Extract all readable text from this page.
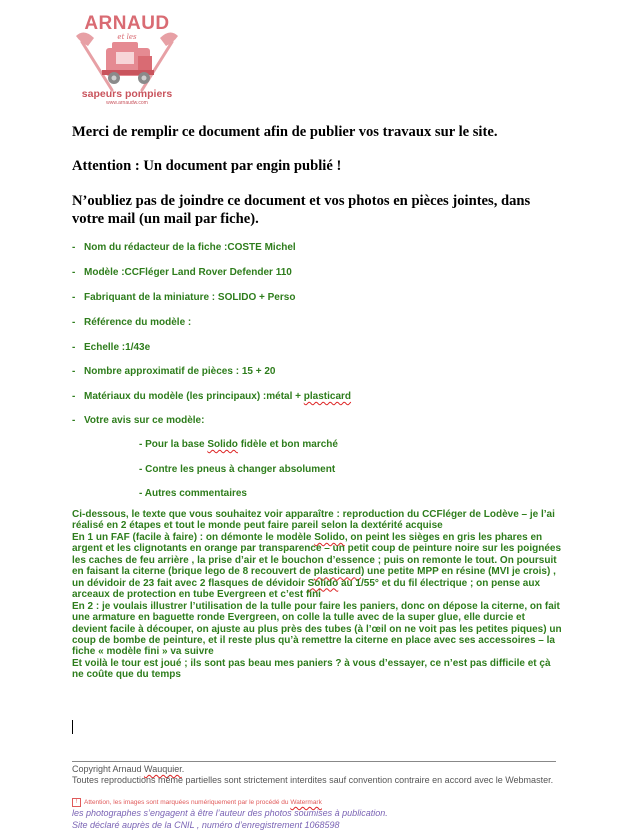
ARNAUD
et les
sapeurs pompiers
www.arnaudw.com

Merci de remplir ce document afin de publier vos travaux sur le site.

Attention : Un document par engin publié !

N’oubliez pas de joindre ce document et vos photos en pièces jointes, dans

votre mail (un mail par fiche).

- Nom du rédacteur de la fiche :COSTE Michel
- Modèle :CCFléger Land Rover Defender 110
- Fabriquant de la miniature : SOLIDO + Perso
- Référence du modèle :
- Echelle :1/43e
- Nombre approximatif de pièces : 15 + 20
- Matériaux du modèle (les principaux) :métal + plasticard
- Votre avis sur ce modèle:
- Pour la base Solido fidèle et bon marché
- Contre les pneus à changer absolument
- Autres commentaires

Ci-dessous, le texte que vous souhaitez voir apparaître : reproduction du CCFléger de Lodève – je l’ai réalisé en 2 étapes et tout le monde peut faire pareil selon la dextérité acquise

En 1 un FAF (facile à faire) : on démonte le modèle Solido, on peint les sièges en gris les phares en argent et les clignotants en orange par transparence – un petit coup de peinture noire sur les poignées les caches de feu arrière , la prise d’air et le bouchon d’essence ; puis on remonte le tout. On poursuit en faisant la citerne (brique lego de 8 recouvert de plasticard) une petite MPP en résine (MVI je crois) , un dévidoir de 23 fait avec 2 flasques de dévidoir Solido au 1/55° et du fil électrique ; on pense aux arceaux de protection en tube Evergreen et c’est fini

En 2 : je voulais illustrer l’utilisation de la tulle pour faire les paniers, donc on dépose la citerne, on fait une armature en baguette ronde Evergreen, on colle la tulle avec de la super glue, elle durcie et devient facile à découper, on ajuste au plus près des tubes (à l’œil on ne voit pas les petites piques) un coup de bombe de peinture, et il reste plus qu’à remettre la citerne en place avec ses accessoires – la fiche « modèle fini » va suivre

Et voilà le tour est joué ; ils sont pas beau mes paniers ? à vous d’essayer, ce n’est pas difficile et çà ne coûte que du temps

Copyright Arnaud Wauquier.
Toutes reproductions même partielles sont strictement interdites sauf convention contraire en accord avec le Webmaster.
! Attention, les images sont marquées numériquement par le procédé du Watermark
les photographes s’engagent à être l’auteur des photos soumises à publication.
Site déclaré auprès de la CNIL , numéro d’enregistrement 1068598
